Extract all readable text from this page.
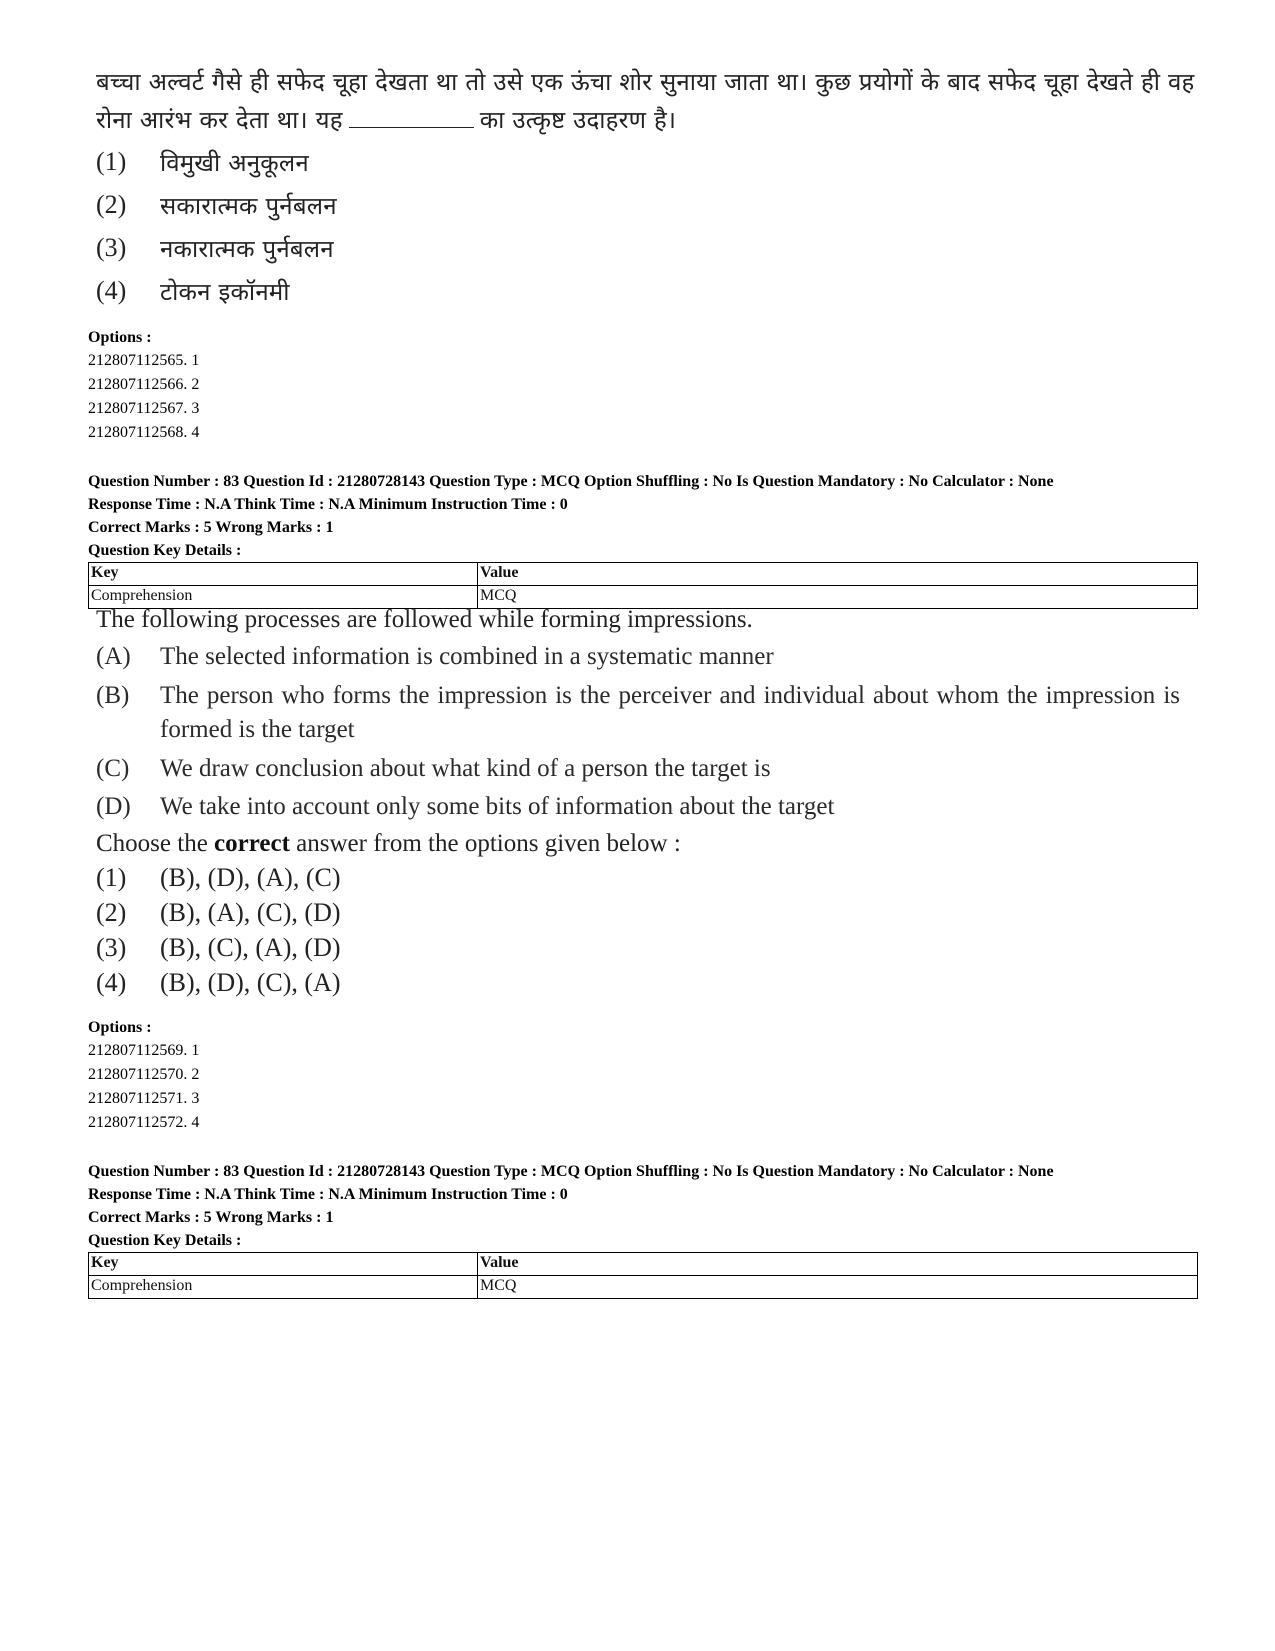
बच्चा अल्वर्ट गैसे ही सफेद चूहा देखता था तो उसे एक ऊंचा शोर सुनाया जाता था। कुछ प्रयोगों के बाद सफेद चूहा देखते ही वह
रोना आरंभ कर देता था। यह	का उत्कृष्ट उदाहरण है।
(1)	विमुखी अनुकूलन
(2)	सकारात्मक पुर्नबलन
(3)	नकारात्मक पुर्नबलन
(4)	टोकन इकॉनमी
Options :
212807112565. 1
212807112566. 2
212807112567. 3
212807112568. 4
Question Number : 83 Question Id : 21280728143 Question Type : MCQ Option Shuffling : No Is Question Mandatory : No Calculator : None
Response Time : N.A Think Time : N.A Minimum Instruction Time : 0
Correct Marks : 5 Wrong Marks : 1
Question Key Details :
Key	Value
Comprehension	MCQ
The following processes are followed while forming impressions.
(A)	The selected information is combined in a systematic manner
(B)	The person who forms the impression is the perceiver and individual about whom the impression is formed is the target
(C)	We draw conclusion about what kind of a person the target is
(D)	We take into account only some bits of information about the target
Choose the correct answer from the options given below :
(1)	(B), (D), (A), (C)
(2)	(B), (A), (C), (D)
(3)	(B), (C), (A), (D)
(4)	(B), (D), (C), (A)
Options :
212807112569. 1
212807112570. 2
212807112571. 3
212807112572. 4
Question Number : 83 Question Id : 21280728143 Question Type : MCQ Option Shuffling : No Is Question Mandatory : No Calculator : None
Response Time : N.A Think Time : N.A Minimum Instruction Time : 0
Correct Marks : 5 Wrong Marks : 1
Question Key Details :
Key	Value
Comprehension	MCQ
